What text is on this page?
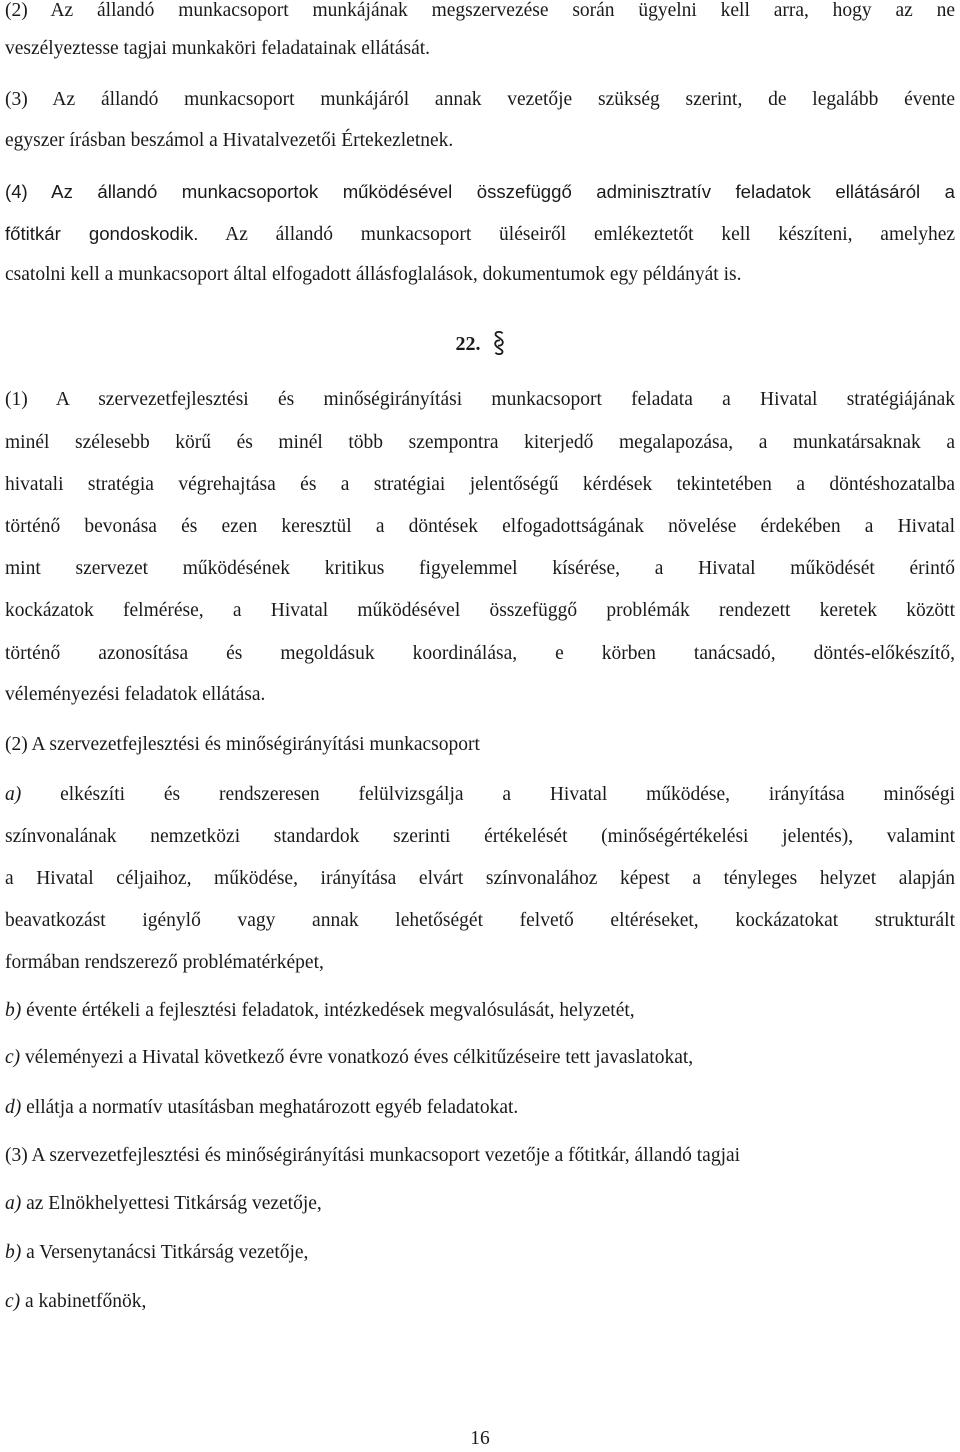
(2) Az állandó munkacsoport munkájának megszervezése során ügyelni kell arra, hogy az ne
veszélyeztesse tagjai munkaköri feladatainak ellátását.
(3) Az állandó munkacsoport munkájáról annak vezetője szükség szerint, de legalább évente
egyszer írásban beszámol a Hivatalvezetői Értekezletnek.
(4) Az állandó munkacsoportok működésével összefüggő adminisztratív feladatok ellátásáról a
főtitkár gondoskodik. Az állandó munkacsoport üléseiről emlékeztetőt kell készíteni, amelyhez
csatolni kell a munkacsoport által elfogadott állásfoglalások, dokumentumok egy példányát is.
22.
(1) A szervezetfejlesztési és minőségirányítási munkacsoport feladata a Hivatal stratégiájának
minél szélesebb körű és minél több szempontra kiterjedő megalapozása, a munkatársaknak a
hivatali stratégia végrehajtása és a stratégiai jelentőségű kérdések tekintetében a döntéshozatalba
történő bevonása és ezen keresztül a döntések elfogadottságának növelése érdekében a Hivatal
mint szervezet működésének kritikus figyelemmel kísérése, a Hivatal működését érintő
kockázatok felmérése, a Hivatal működésével összefüggő problémák rendezett keretek között
történő azonosítása és megoldásuk koordinálása, e körben tanácsadó, döntés-előkészítő,
véleményezési feladatok ellátása.
(2) A szervezetfejlesztési és minőségirányítási munkacsoport
a) elkészíti és rendszeresen felülvizsgálja a Hivatal működése, irányítása minőségi
színvonalának nemzetközi standardok szerinti értékelését (minőségértékelési jelentés), valamint
a Hivatal céljaihoz, működése, irányítása elvárt színvonalához képest a tényleges helyzet alapján
beavatkozást igénylő vagy annak lehetőségét felvető eltéréseket, kockázatokat strukturált
formában rendszerező problématérképet,
b) évente értékeli a fejlesztési feladatok, intézkedések megvalósulását, helyzetét,
c) véleményezi a Hivatal következő évre vonatkozó éves célkitűzéseire tett javaslatokat,
d) ellátja a normatív utasításban meghatározott egyéb feladatokat.
(3) A szervezetfejlesztési és minőségirányítási munkacsoport vezetője a főtitkár, állandó tagjai
a) az Elnökhelyettesi Titkárság vezetője,
b) a Versenytanácsi Titkárság vezetője,
c) a kabinetfőnök,
16
